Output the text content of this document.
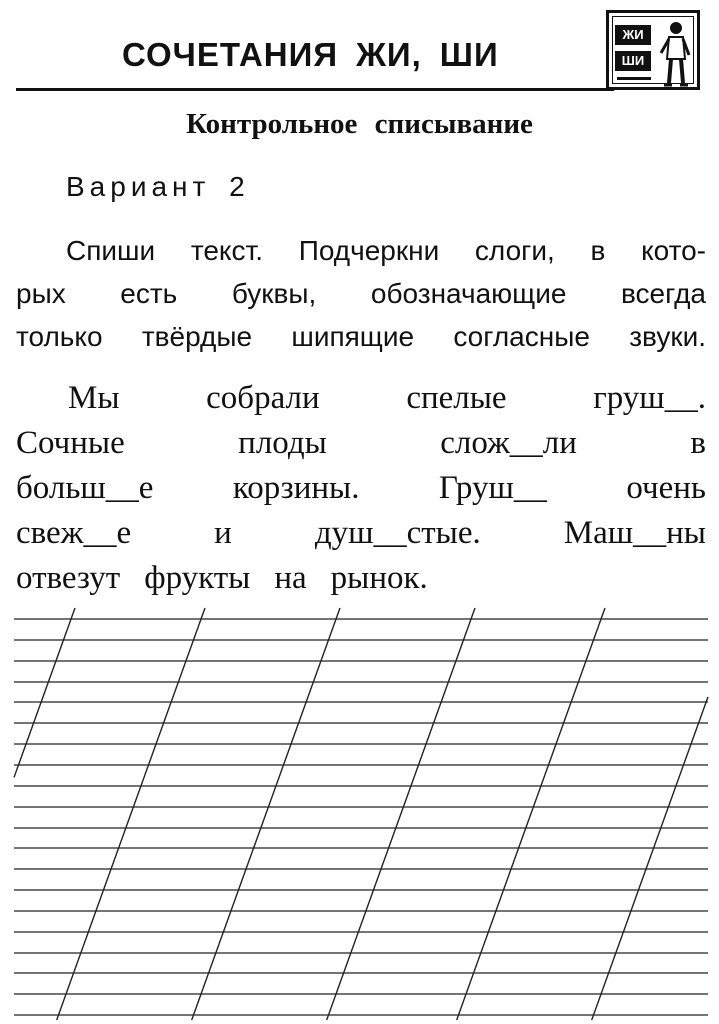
СОЧЕТАНИЯ ЖИ, ШИ
ЖИ
ШИ
Контрольное списывание
Вариант 2
Спиши текст. Подчеркни слоги, в кото-
рых есть буквы, обозначающие всегда
только твёрдые шипящие согласные звуки.
Мы	собрали	спелые	груш__.
Сочные	плоды	слож__ли	в
больш__е корзины. Груш__ очень
свеж__е	и	душ__стые.	Маш__ны
отвезут фрукты на рынок.
